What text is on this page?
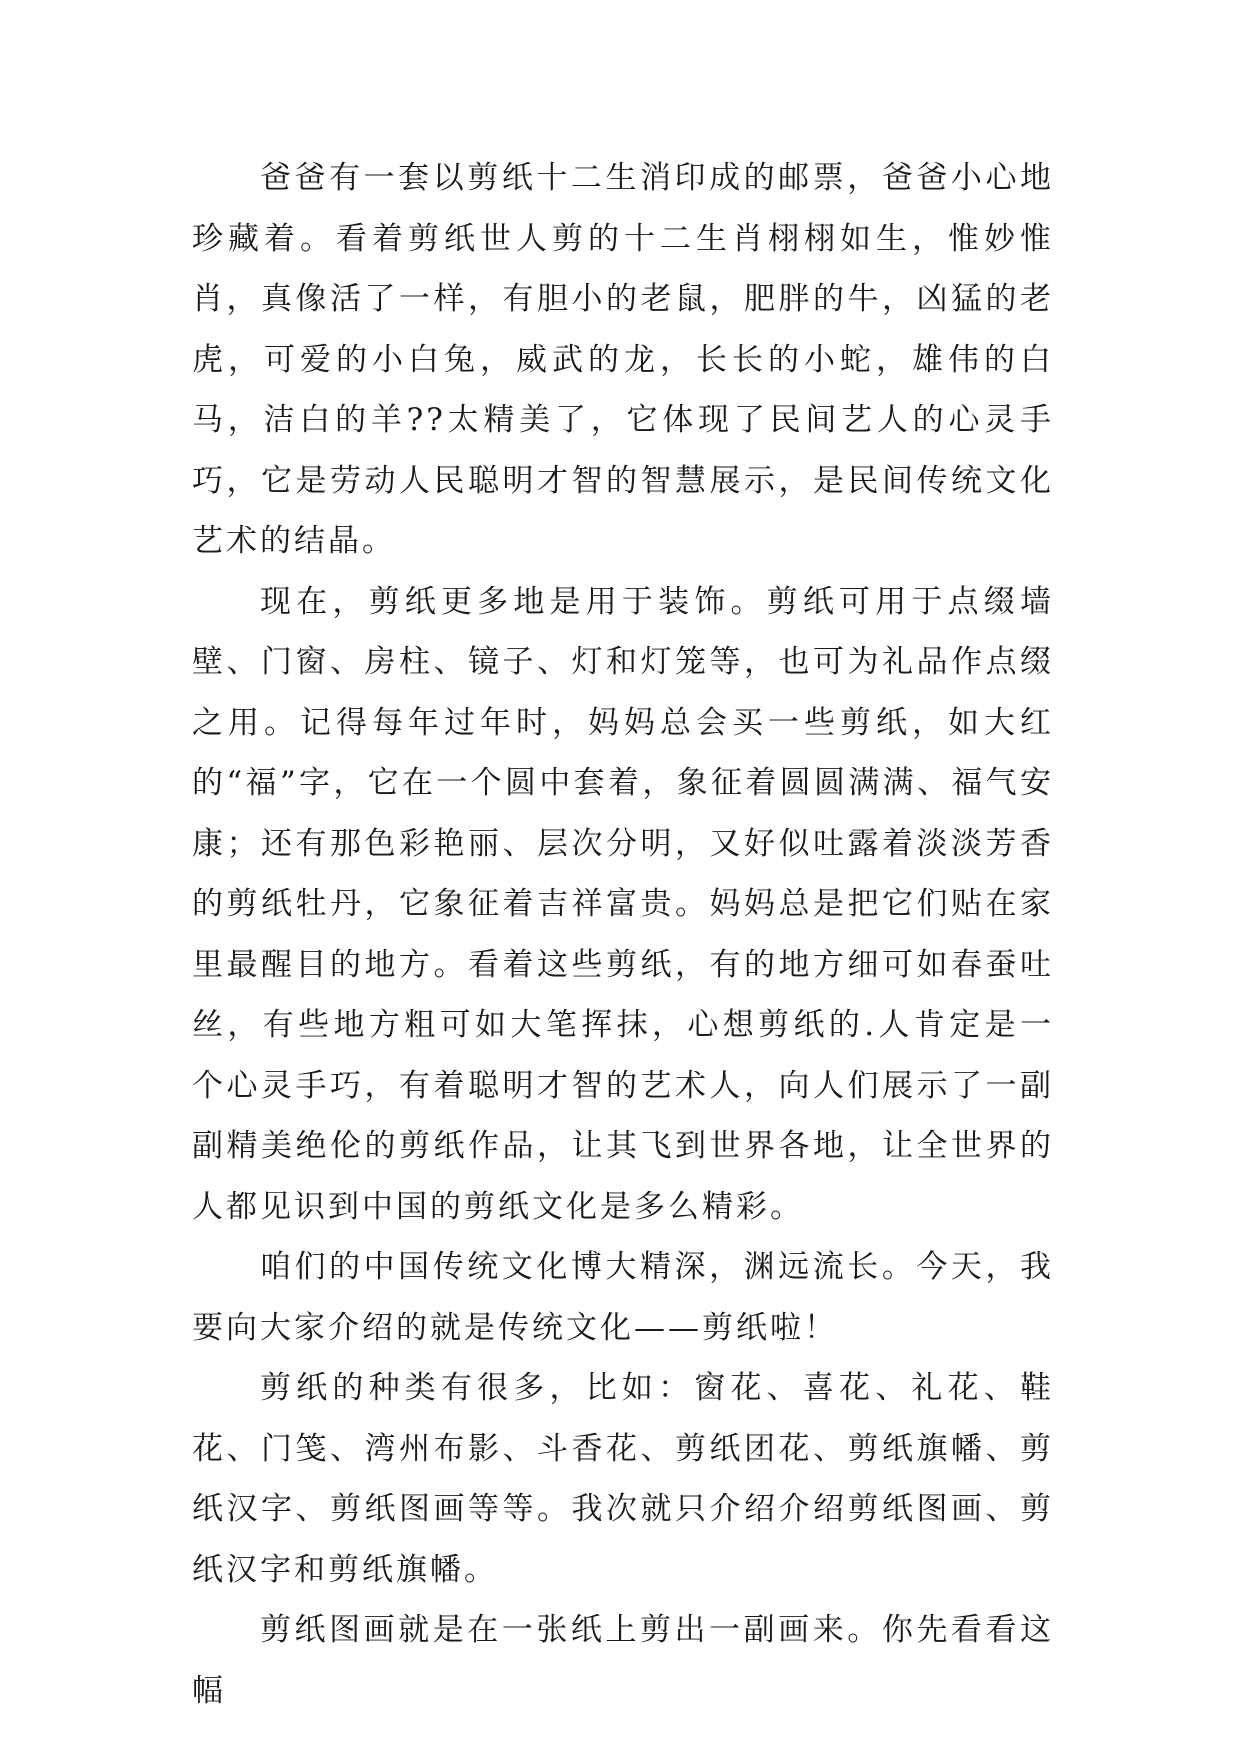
爸爸有一套以剪纸十二生消印成的邮票，爸爸小心地珍藏着。看着剪纸世人剪的十二生肖栩栩如生，惟妙惟肖，真像活了一样，有胆小的老鼠，肥胖的牛，凶猛的老虎，可爱的小白兔，威武的龙，长长的小蛇，雄伟的白马，洁白的羊??太精美了，它体现了民间艺人的心灵手巧，它是劳动人民聪明才智的智慧展示，是民间传统文化艺术的结晶。

现在，剪纸更多地是用于装饰。剪纸可用于点缀墙壁、门窗、房柱、镜子、灯和灯笼等，也可为礼品作点缀之用。记得每年过年时，妈妈总会买一些剪纸，如大红的“福”字，它在一个圆中套着，象征着圆圆满满、福气安康；还有那色彩艳丽、层次分明，又好似吐露着淡淡芳香的剪纸牡丹，它象征着吉祥富贵。妈妈总是把它们贴在家里最醒目的地方。看着这些剪纸，有的地方细可如春蚕吐丝，有些地方粗可如大笔挥抹，心想剪纸的.人肯定是一个心灵手巧，有着聪明才智的艺术人，向人们展示了一副副精美绝伦的剪纸作品，让其飞到世界各地，让全世界的人都见识到中国的剪纸文化是多么精彩。

咱们的中国传统文化博大精深，渊远流长。今天，我要向大家介绍的就是传统文化——剪纸啦！

剪纸的种类有很多，比如：窗花、喜花、礼花、鞋花、门笺、湾州布影、斗香花、剪纸团花、剪纸旗幡、剪纸汉字、剪纸图画等等。我次就只介绍介绍剪纸图画、剪纸汉字和剪纸旗幡。

剪纸图画就是在一张纸上剪出一副画来。你先看看这幅
